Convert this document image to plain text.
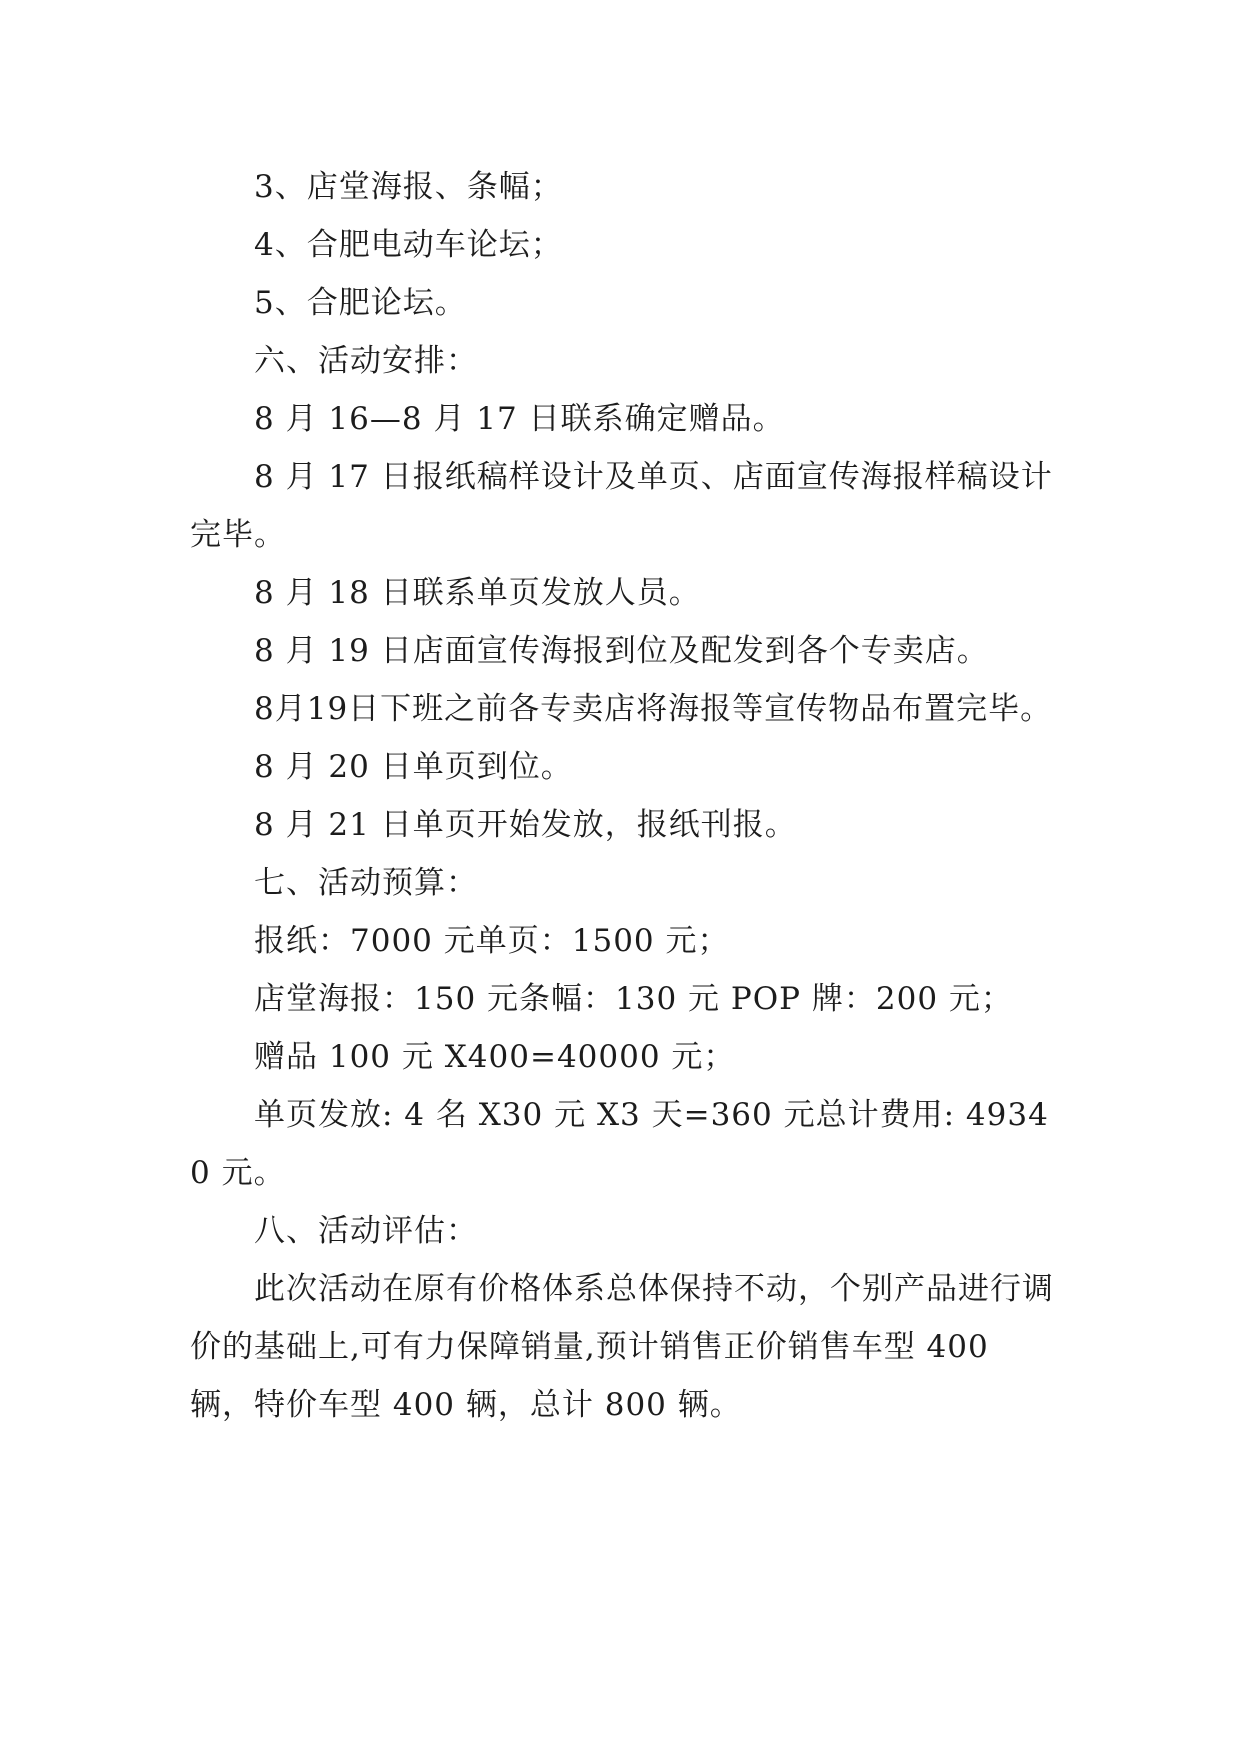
3、店堂海报、条幅；

4、合肥电动车论坛；

5、合肥论坛。

六、活动安排：

8 月 16—8 月 17 日联系确定赠品。

8 月 17 日报纸稿样设计及单页、店面宣传海报样稿设计完毕。

8 月 18 日联系单页发放人员。

8 月 19 日店面宣传海报到位及配发到各个专卖店。

8月19日下班之前各专卖店将海报等宣传物品布置完毕。

8 月 20 日单页到位。

8 月 21 日单页开始发放，报纸刊报。

七、活动预算：

报纸：7000 元单页：1500 元；

店堂海报：150 元条幅：130 元 POP 牌：200 元；

赠品 100 元 X400=40000 元；

单页发放: 4 名 X30 元 X3 天=360 元总计费用: 49340 元。

八、活动评估：

此次活动在原有价格体系总体保持不动，个别产品进行调价的基础上,可有力保障销量,预计销售正价销售车型 400 辆，特价车型 400 辆，总计 800 辆。
